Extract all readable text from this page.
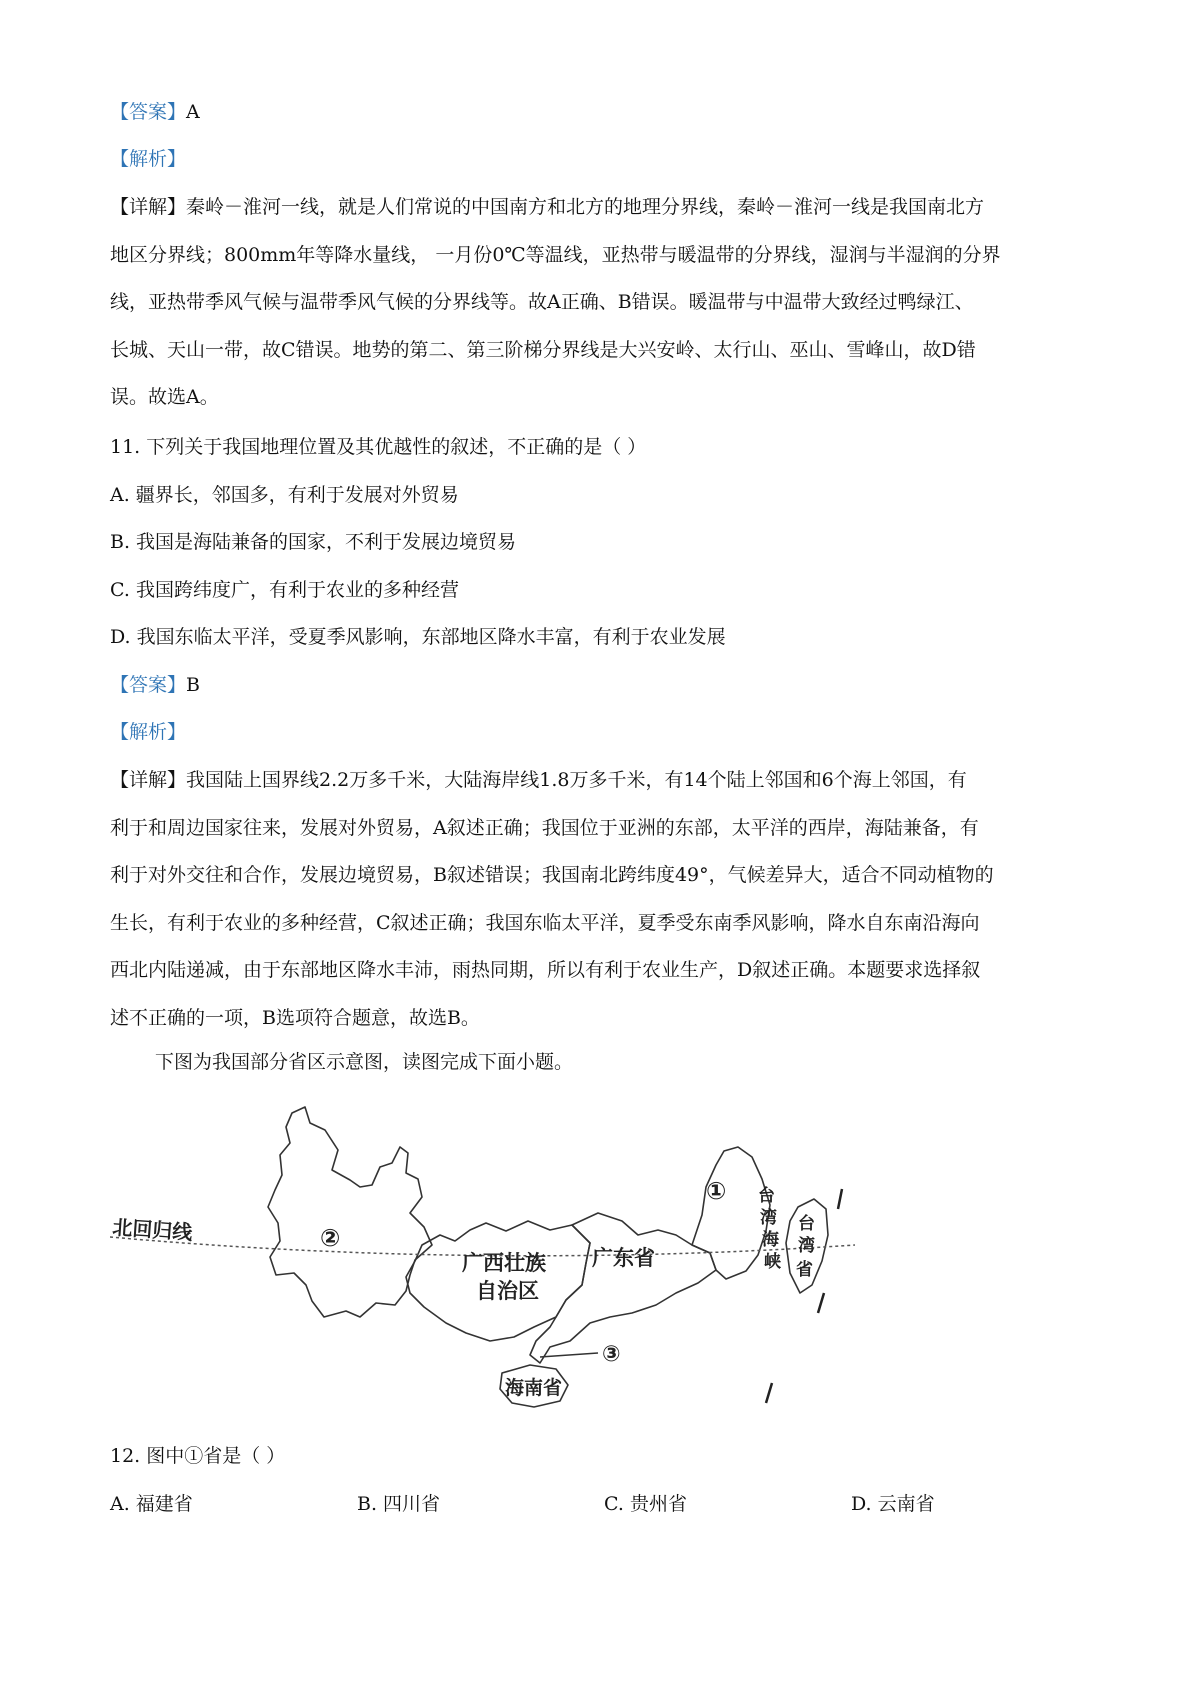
【答案】A
【解析】
【详解】秦岭－淮河一线，就是人们常说的中国南方和北方的地理分界线，秦岭－淮河一线是我国南北方
地区分界线；800mm年等降水量线， 一月份0℃等温线，亚热带与暖温带的分界线，湿润与半湿润的分界
线，亚热带季风气候与温带季风气候的分界线等。故A正确、B错误。暖温带与中温带大致经过鸭绿江、
长城、天山一带，故C错误。地势的第二、第三阶梯分界线是大兴安岭、太行山、巫山、雪峰山，故D错
误。故选A。
11. 下列关于我国地理位置及其优越性的叙述，不正确的是（ ）
A. 疆界长，邻国多，有利于发展对外贸易
B. 我国是海陆兼备的国家，不利于发展边境贸易
C. 我国跨纬度广，有利于农业的多种经营
D. 我国东临太平洋，受夏季风影响，东部地区降水丰富，有利于农业发展
【答案】B
【解析】
【详解】我国陆上国界线2.2万多千米，大陆海岸线1.8万多千米，有14个陆上邻国和6个海上邻国，有
利于和周边国家往来，发展对外贸易，A叙述正确；我国位于亚洲的东部，太平洋的西岸，海陆兼备，有
利于对外交往和合作，发展边境贸易，B叙述错误；我国南北跨纬度49°，气候差异大，适合不同动植物的
生长，有利于农业的多种经营，C叙述正确；我国东临太平洋，夏季受东南季风影响，降水自东南沿海向
西北内陆递减，由于东部地区降水丰沛，雨热同期，所以有利于农业生产，D叙述正确。本题要求选择叙
述不正确的一项，B选项符合题意，故选B。
下图为我国部分省区示意图，读图完成下面小题。
北回归线	②
①
③
广西壮族
自治区
广东省
海南省
台
湾
海
峡
台
湾
省
12. 图中①省是（ ）
A. 福建省	B. 四川省	C. 贵州省	D. 云南省
